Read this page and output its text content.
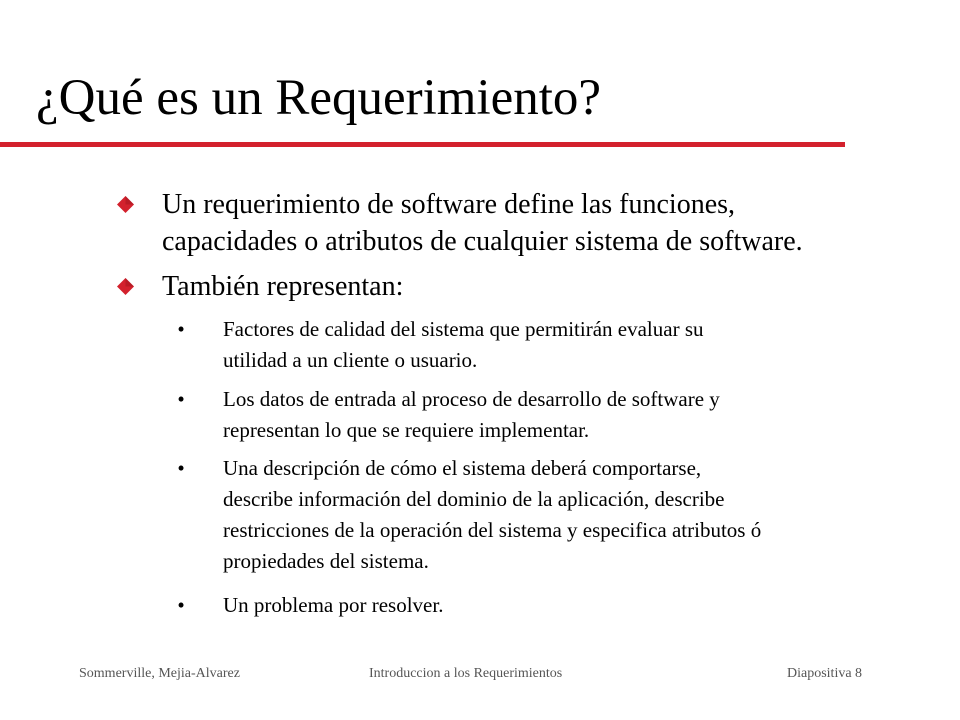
¿Qué es un Requerimiento?
Un requerimiento de software define las funciones,
capacidades o atributos de cualquier sistema de software.
También representan:
• Factores de calidad del sistema que permitirán evaluar su
utilidad a un cliente o usuario.
• Los datos de entrada al proceso de desarrollo de software y
representan lo que se requiere implementar.
• Una descripción de cómo el sistema deberá comportarse,
describe información del dominio de la aplicación, describe
restricciones de la operación del sistema y especifica atributos ó
propiedades del sistema.
• Un problema por resolver.
Sommerville, Mejia-Alvarez	Introduccion a los Requerimientos	Diapositiva 8
